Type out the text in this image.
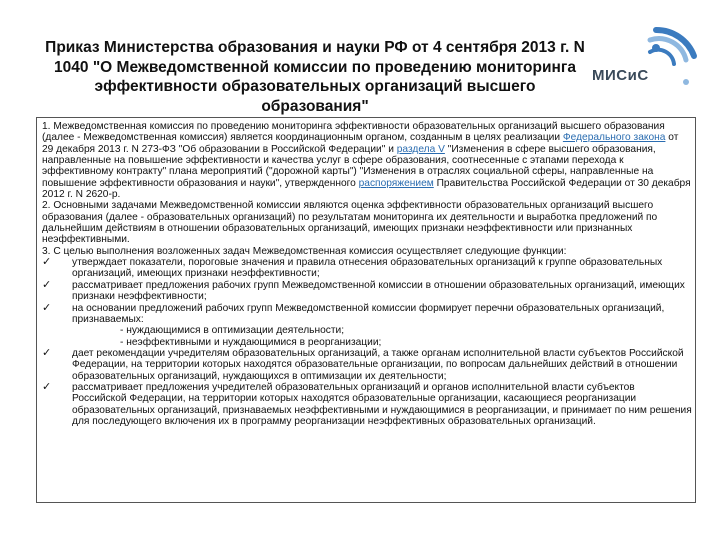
Приказ Министерства образования и науки РФ от 4 сентября 2013 г. N 1040 "О Межведомственной комиссии по проведению мониторинга эффективности образовательных организаций высшего образования"
МИСиС

1. Межведомственная комиссия по проведению мониторинга эффективности образовательных организаций высшего образования (далее - Межведомственная комиссия) является координационным органом, созданным в целях реализации Федерального закона от 29 декабря 2013 г. N 273-ФЗ "Об образовании в Российской Федерации" и раздела V "Изменения в сфере высшего образования, направленные на повышение эффективности и качества услуг в сфере образования, соотнесенные с этапами перехода к эффективному контракту" плана мероприятий ("дорожной карты") "Изменения в отраслях социальной сферы, направленные на повышение эффективности образования и науки", утвержденного распоряжением Правительства Российской Федерации от 30 декабря 2012 г. N 2620-р.

2. Основными задачами Межведомственной комиссии являются оценка эффективности образовательных организаций высшего образования (далее - образовательных организаций) по результатам мониторинга их деятельности и выработка предложений по дальнейшим действиям в отношении образовательных организаций, имеющих признаки неэффективности или признанных неэффективными.

3. С целью выполнения возложенных задач Межведомственная комиссия осуществляет следующие функции:

✓ утверждает показатели, пороговые значения и правила отнесения образовательных организаций к группе образовательных организаций, имеющих признаки неэффективности;
✓ рассматривает предложения рабочих групп Межведомственной комиссии в отношении образовательных организаций, имеющих признаки неэффективности;
✓ на основании предложений рабочих групп Межведомственной комиссии формирует перечни образовательных организаций, признаваемых:

- нуждающимися в оптимизации деятельности;

- неэффективными и нуждающимися в реорганизации;

✓ дает рекомендации учредителям образовательных организаций, а также органам исполнительной власти субъектов Российской Федерации, на территории которых находятся образовательные организации, по вопросам дальнейших действий в отношении образовательных организаций, нуждающихся в оптимизации их деятельности;
✓ рассматривает предложения учредителей образовательных организаций и органов исполнительной власти субъектов Российской Федерации, на территории которых находятся образовательные организации, касающиеся реорганизации образовательных организаций, признаваемых неэффективными и нуждающимися в реорганизации, и принимает по ним решения для последующего включения их в программу реорганизации неэффективных образовательных организаций.
